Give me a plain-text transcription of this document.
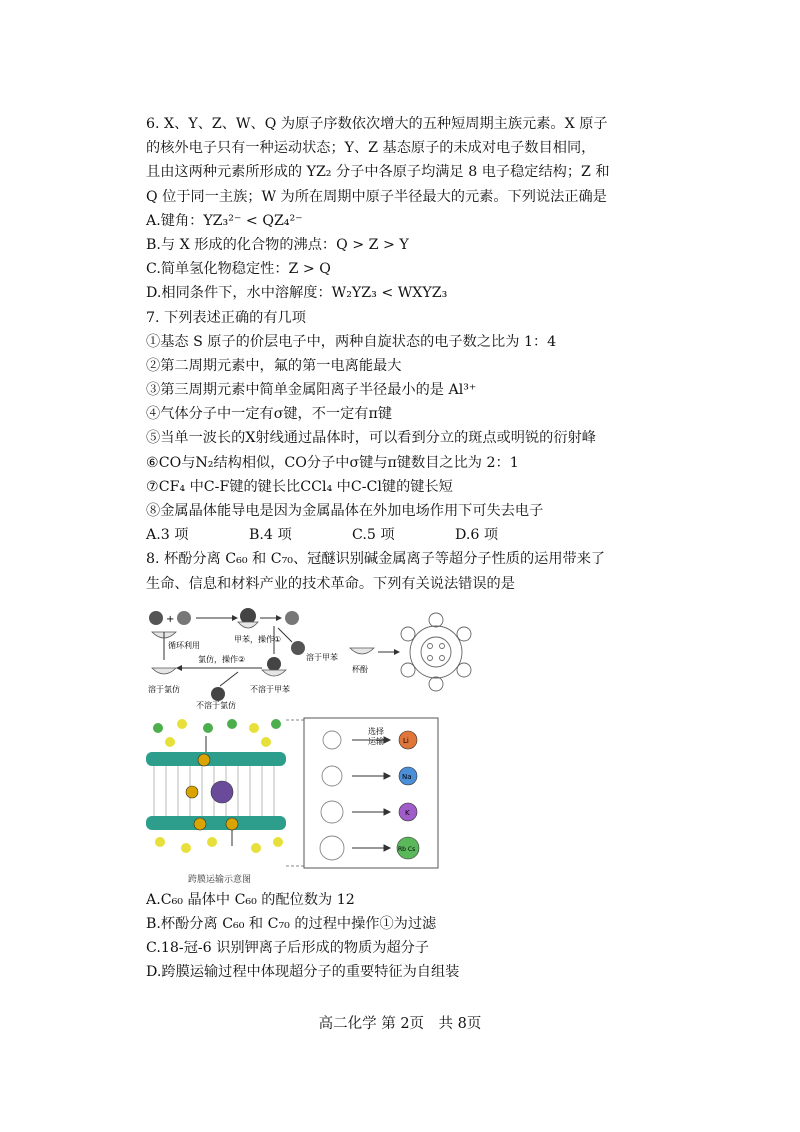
6. X、Y、Z、W、Q 为原子序数依次增大的五种短周期主族元素。X 原子
的核外电子只有一种运动状态；Y、Z 基态原子的未成对电子数目相同，
且由这两种元素所形成的 YZ₂ 分子中各原子均满足 8 电子稳定结构；Z 和
Q 位于同一主族；W 为所在周期中原子半径最大的元素。下列说法正确是
A.键角：YZ₃²⁻ < QZ₄²⁻
B.与 X 形成的化合物的沸点：Q > Z > Y
C.简单氢化物稳定性：Z > Q
D.相同条件下，水中溶解度：W₂YZ₃ < WXYZ₃
7. 下列表述正确的有几项
①基态 S 原子的价层电子中，两种自旋状态的电子数之比为 1：4
②第二周期元素中，氟的第一电离能最大
③第三周期元素中简单金属阳离子半径最小的是 Al³⁺
④气体分子中一定有σ键，不一定有π键
⑤当单一波长的X射线通过晶体时，可以看到分立的斑点或明锐的衍射峰
⑥CO与N₂结构相似，CO分子中σ键与π键数目之比为 2：1
⑦CF₄ 中C-F键的键长比CCl₄ 中C-Cl键的键长短
⑧金属晶体能导电是因为金属晶体在外加电场作用下可失去电子
A.3 项	B.4 项	C.5 项	D.6 项
8. 杯酚分离 C₆₀ 和 C₇₀、冠醚识别碱金属离子等超分子性质的运用带来了
生命、信息和材料产业的技术革命。下列有关说法错误的是
+
甲苯，操作①
溶于甲苯
循环利用
氯仿，操作②
溶于氯仿	不溶于甲苯
不溶于氯仿
杯酚
选择
运输	Li
Na
K
Rb Cs
跨膜运输示意图
A.C₆₀ 晶体中 C₆₀ 的配位数为 12
B.杯酚分离 C₆₀ 和 C₇₀ 的过程中操作①为过滤
C.18-冠-6 识别钾离子后形成的物质为超分子
D.跨膜运输过程中体现超分子的重要特征为自组装
高二化学 第 2页　共 8页
